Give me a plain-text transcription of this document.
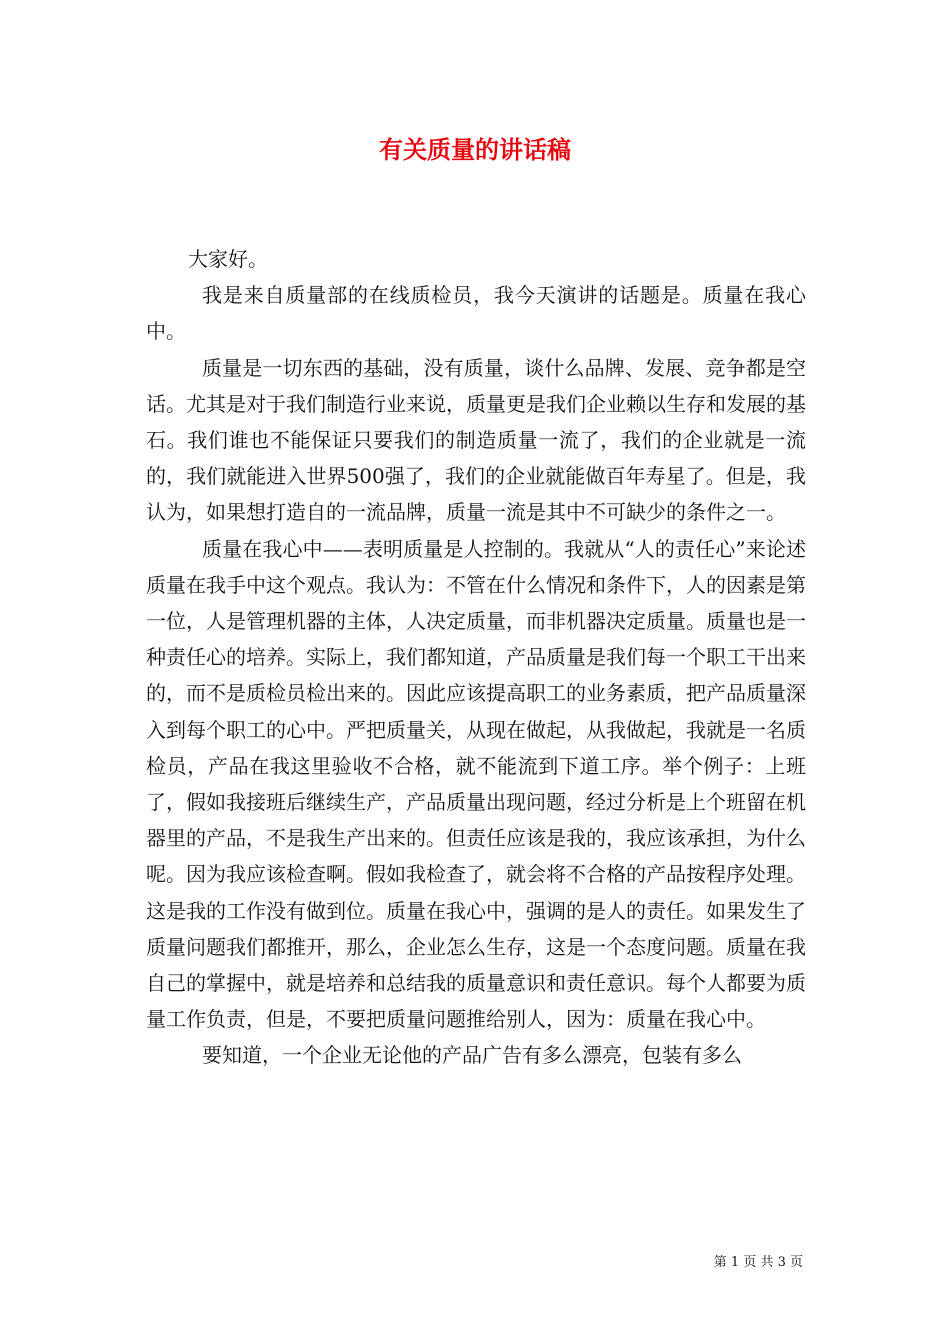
有关质量的讲话稿

大家好。

我是来自质量部的在线质检员，我今天演讲的话题是。质量在我心中。

质量是一切东西的基础，没有质量，谈什么品牌、发展、竞争都是空话。尤其是对于我们制造行业来说，质量更是我们企业赖以生存和发展的基石。我们谁也不能保证只要我们的制造质量一流了，我们的企业就是一流的，我们就能进入世界500强了，我们的企业就能做百年寿星了。但是，我认为，如果想打造自的一流品牌，质量一流是其中不可缺少的条件之一。

质量在我心中——表明质量是人控制的。我就从“人的责任心”来论述质量在我手中这个观点。我认为：不管在什么情况和条件下，人的因素是第一位，人是管理机器的主体，人决定质量，而非机器决定质量。质量也是一种责任心的培养。实际上，我们都知道，产品质量是我们每一个职工干出来的，而不是质检员检出来的。因此应该提高职工的业务素质，把产品质量深入到每个职工的心中。严把质量关，从现在做起，从我做起，我就是一名质检员，产品在我这里验收不合格，就不能流到下道工序。举个例子：上班了，假如我接班后继续生产，产品质量出现问题，经过分析是上个班留在机器里的产品，不是我生产出来的。但责任应该是我的，我应该承担，为什么呢。因为我应该检查啊。假如我检查了，就会将不合格的产品按程序处理。这是我的工作没有做到位。质量在我心中，强调的是人的责任。如果发生了质量问题我们都推开，那么，企业怎么生存，这是一个态度问题。质量在我自己的掌握中，就是培养和总结我的质量意识和责任意识。每个人都要为质量工作负责，但是，不要把质量问题推给别人，因为：质量在我心中。

要知道，一个企业无论他的产品广告有多么漂亮，包装有多么

第 1 页 共 3 页
